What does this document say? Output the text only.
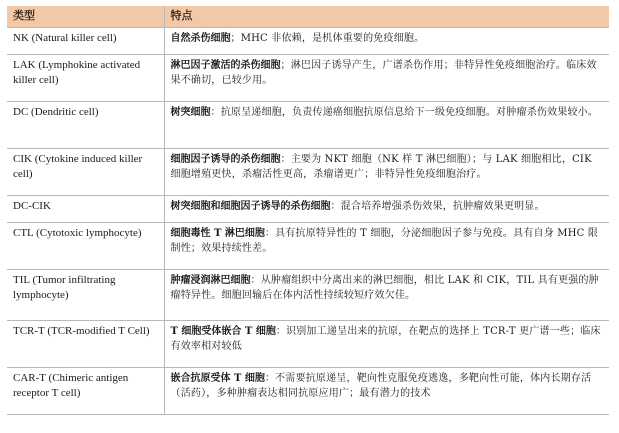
类型	特点
NK (Natural killer cell)	自然杀伤细胞；MHC 非依赖，是机体重要的免疫细胞。
LAK (Lymphokine activated killer cell)	淋巴因子激活的杀伤细胞；淋巴因子诱导产生，广谱杀伤作用；非特异性免疫细胞治疗。临床效果不确切，已较少用。
DC (Dendritic cell)	树突细胞：抗原呈递细胞，负责传递癌细胞抗原信息给下一级免疫细胞。对肿瘤杀伤效果较小。
CIK (Cytokine induced killer cell)	细胞因子诱导的杀伤细胞：主要为 NKT 细胞（NK 样 T 淋巴细胞）；与 LAK 细胞相比，CIK 细胞增殖更快，杀瘤活性更高，杀瘤谱更广；非特异性免疫细胞治疗。
DC-CIK	树突细胞和细胞因子诱导的杀伤细胞：混合培养增强杀伤效果，抗肿瘤效果更明显。
CTL (Cytotoxic lymphocyte)	细胞毒性 T 淋巴细胞：具有抗原特异性的 T 细胞，分泌细胞因子参与免疫。具有自身 MHC 限制性；效果持续性差。
TIL (Tumor infiltrating lymphocyte)	肿瘤浸润淋巴细胞：从肿瘤组织中分离出来的淋巴细胞，相比 LAK 和 CIK，TIL 具有更强的肿瘤特异性。细胞回输后在体内活性持续较短疗效欠佳。
TCR-T (TCR-modified T Cell)	T 细胞受体嵌合 T 细胞：识别加工递呈出来的抗原，在靶点的选择上 TCR-T 更广谱一些；临床有效率相对较低
CAR-T (Chimeric antigen receptor T cell)	嵌合抗原受体 T 细胞：不需要抗原递呈，靶向性克服免疫逃逸，多靶向性可能，体内长期存活（活药），多种肿瘤表达相同抗原应用广；最有潜力的技术
